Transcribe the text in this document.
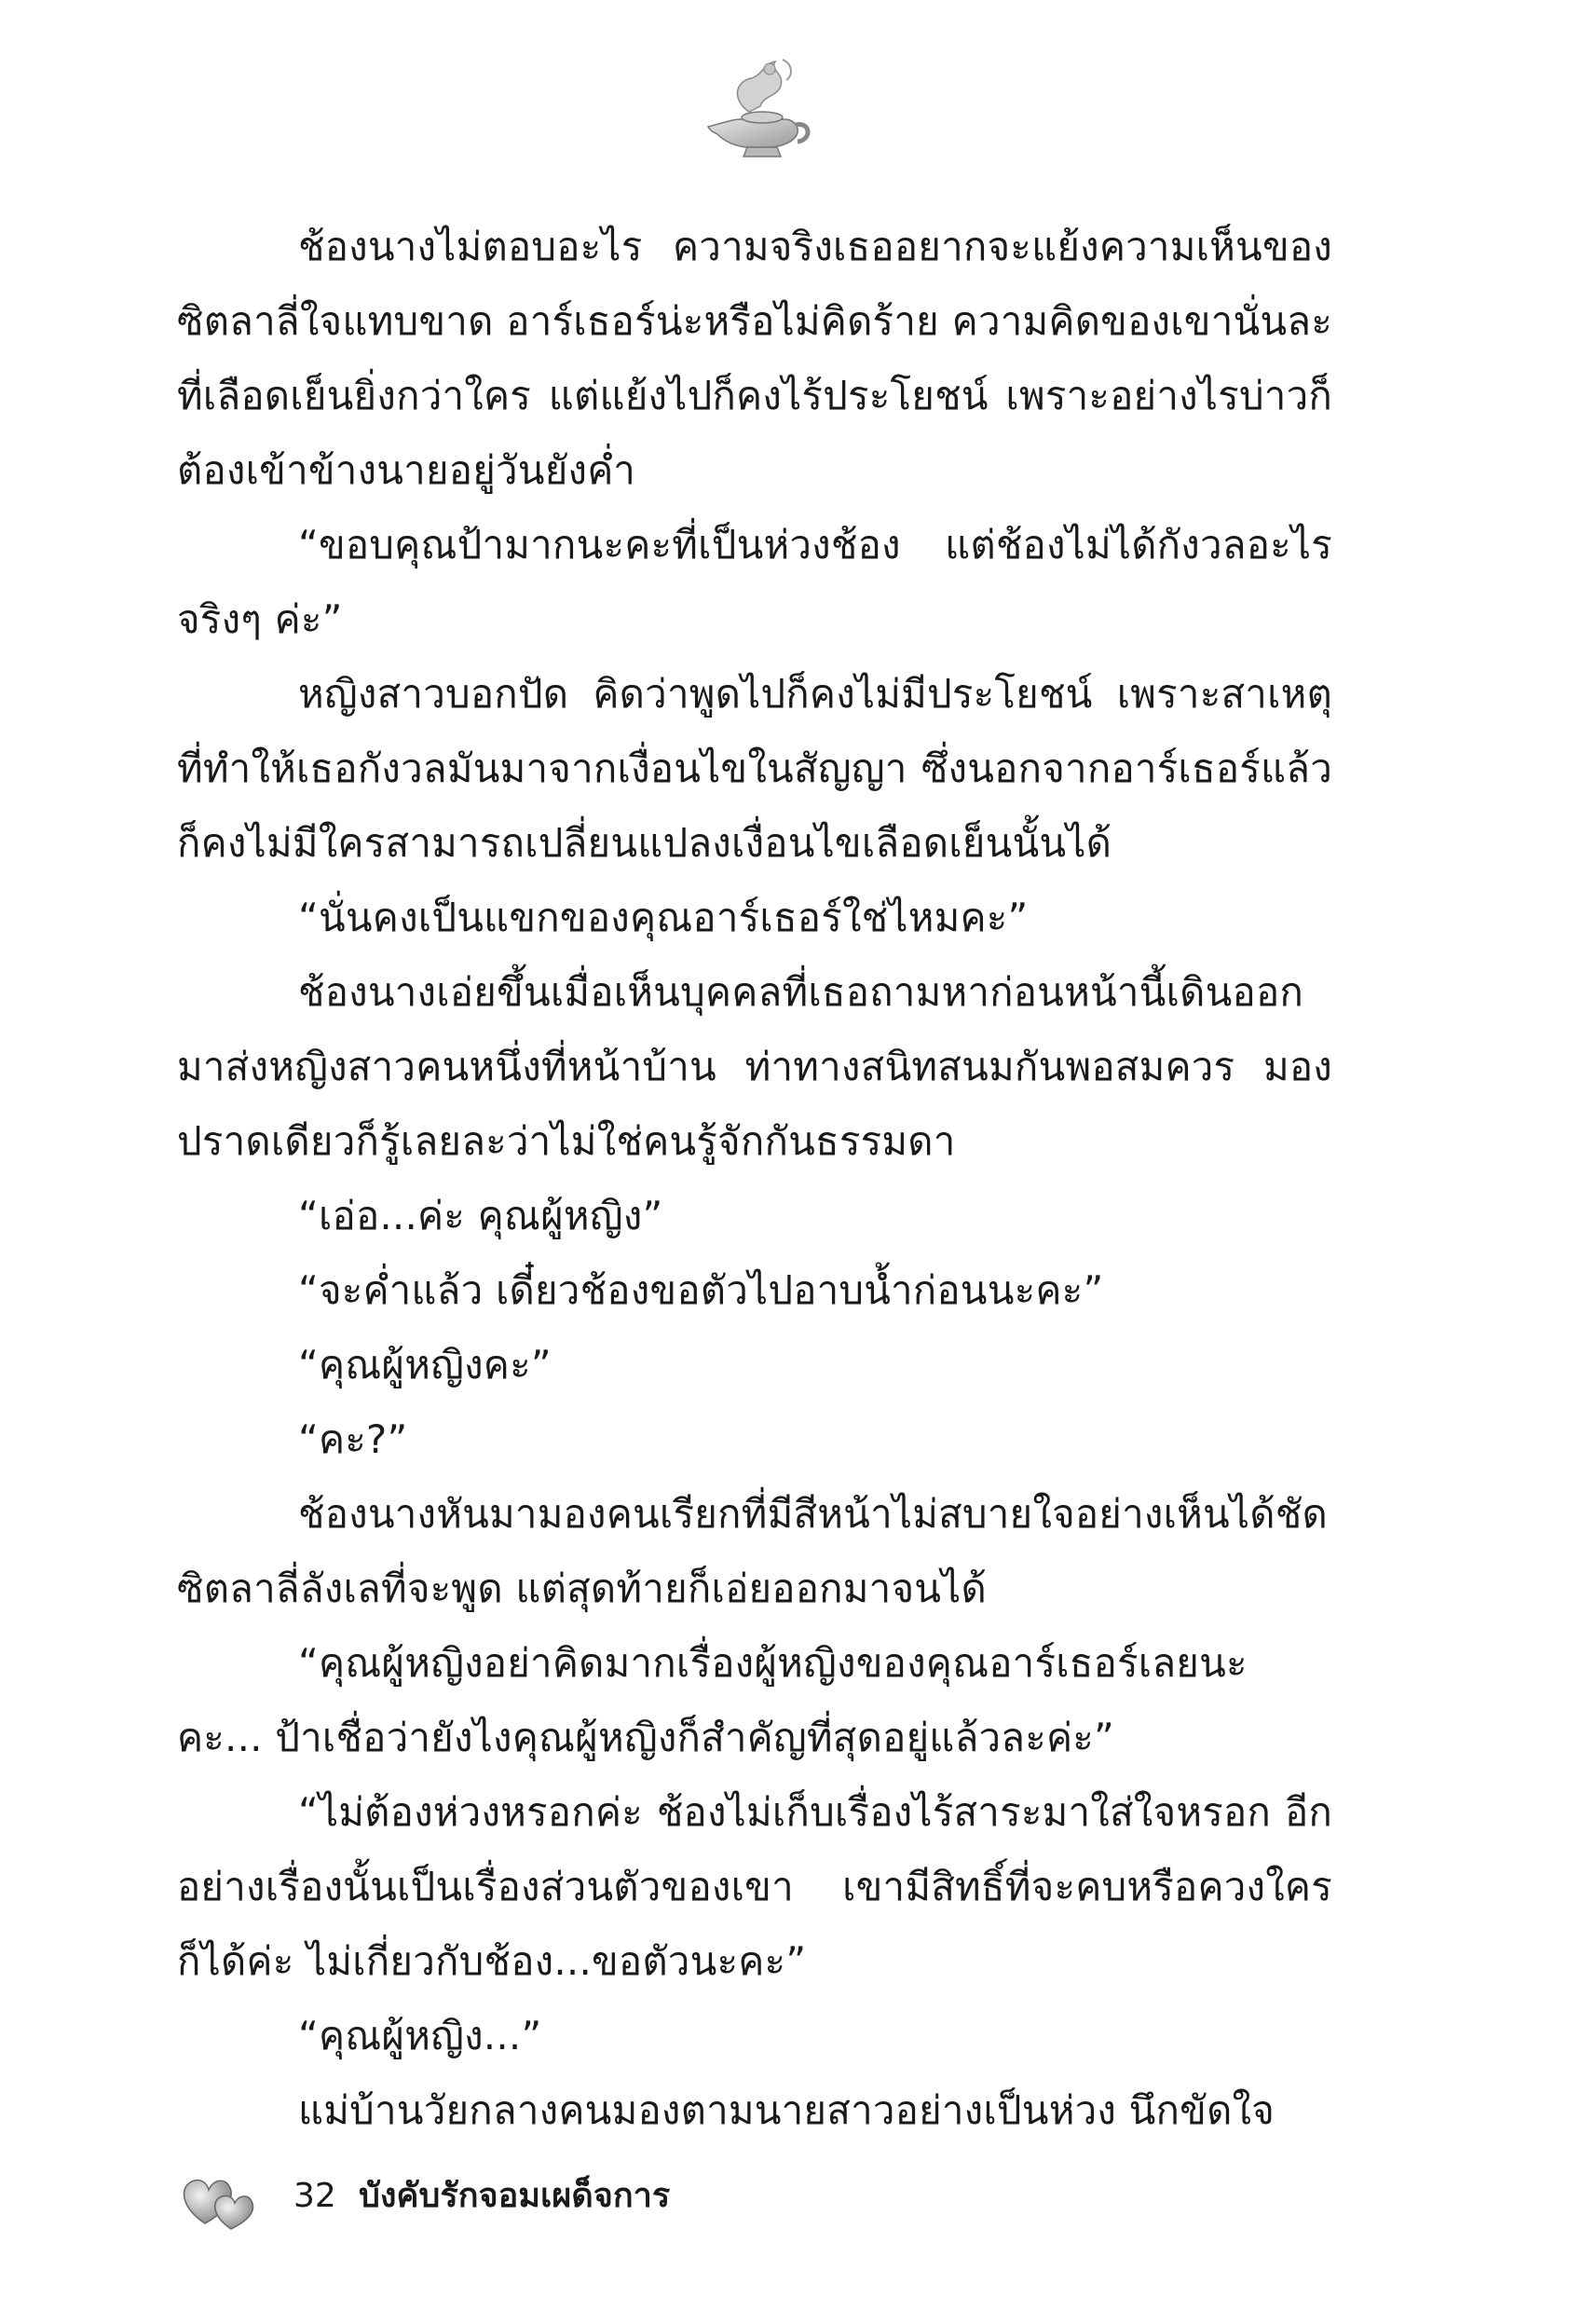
ช้องนางไม่ตอบอะไร ความจริงเธออยากจะแย้งความเห็นของซิตลาลี่ใจแทบขาด อาร์เธอร์น่ะหรือไม่คิดร้าย ความคิดของเขานั่นละที่เลือดเย็นยิ่งกว่าใคร แต่แย้งไปก็คงไร้ประโยชน์ เพราะอย่างไรบ่าวก็ต้องเข้าข้างนายอยู่วันยังค่ำ

“ขอบคุณป้ามากนะคะที่เป็นห่วงช้อง แต่ช้องไม่ได้กังวลอะไรจริงๆ ค่ะ”

หญิงสาวบอกปัด คิดว่าพูดไปก็คงไม่มีประโยชน์ เพราะสาเหตุที่ทำให้เธอกังวลมันมาจากเงื่อนไขในสัญญา ซึ่งนอกจากอาร์เธอร์แล้วก็คงไม่มีใครสามารถเปลี่ยนแปลงเงื่อนไขเลือดเย็นนั้นได้

“นั่นคงเป็นแขกของคุณอาร์เธอร์ใช่ไหมคะ”

ช้องนางเอ่ยขึ้นเมื่อเห็นบุคคลที่เธอถามหาก่อนหน้านี้เดินออกมาส่งหญิงสาวคนหนึ่งที่หน้าบ้าน ท่าทางสนิทสนมกันพอสมควร มองปราดเดียวก็รู้เลยละว่าไม่ใช่คนรู้จักกันธรรมดา

“เอ่อ...ค่ะ คุณผู้หญิง”

“จะค่ำแล้ว เดี๋ยวช้องขอตัวไปอาบน้ำก่อนนะคะ”

“คุณผู้หญิงคะ”

“คะ?”

ช้องนางหันมามองคนเรียกที่มีสีหน้าไม่สบายใจอย่างเห็นได้ชัด ซิตลาลี่ลังเลที่จะพูด แต่สุดท้ายก็เอ่ยออกมาจนได้

“คุณผู้หญิงอย่าคิดมากเรื่องผู้หญิงของคุณอาร์เธอร์เลยนะคะ... ป้าเชื่อว่ายังไงคุณผู้หญิงก็สำคัญที่สุดอยู่แล้วละค่ะ”

“ไม่ต้องห่วงหรอกค่ะ ช้องไม่เก็บเรื่องไร้สาระมาใส่ใจหรอก อีกอย่างเรื่องนั้นเป็นเรื่องส่วนตัวของเขา เขามีสิทธิ์ที่จะคบหรือควงใครก็ได้ค่ะ ไม่เกี่ยวกับช้อง...ขอตัวนะคะ”

“คุณผู้หญิง...”

แม่บ้านวัยกลางคนมองตามนายสาวอย่างเป็นห่วง นึกขัดใจ

32 บังคับรักจอมเผด็จการ
